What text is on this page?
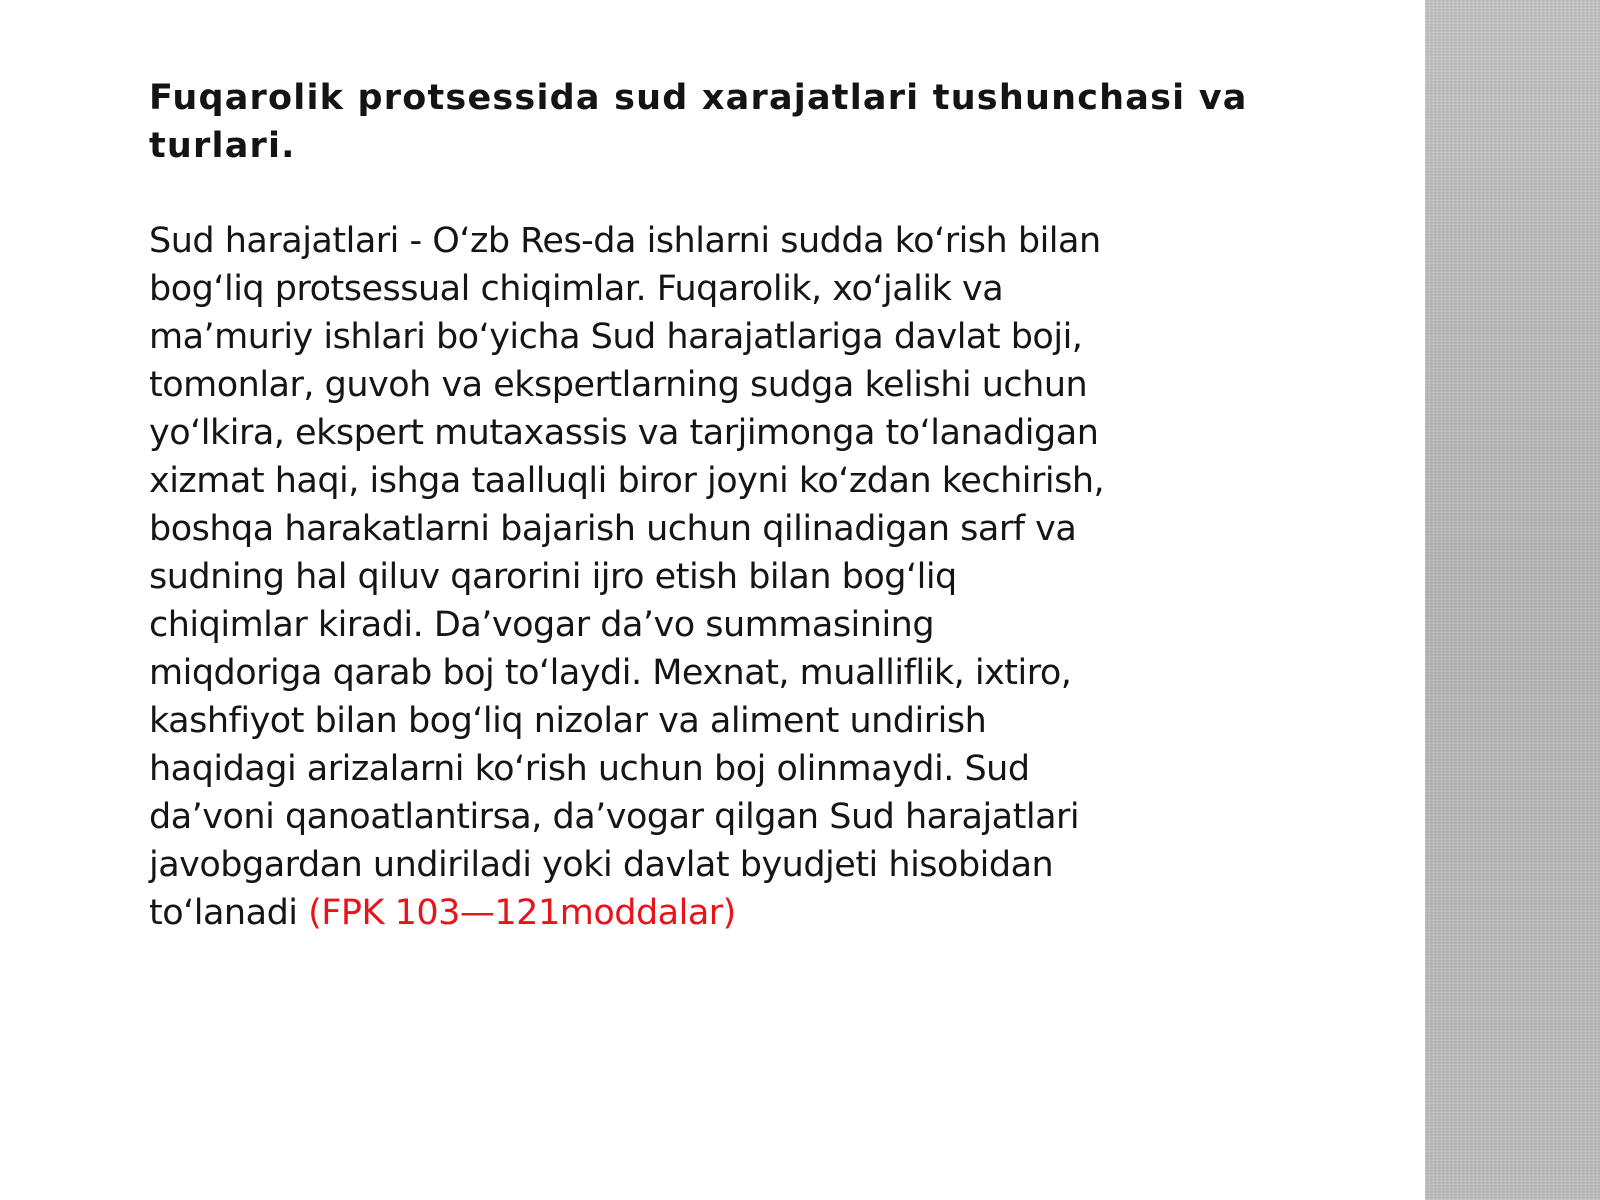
Fuqarolik protsessida sud xarajatlari tushunchasi va turlari.
Sud harajatlari - O‘zb Res-da ishlarni sudda ko‘rish bilan
bog‘liq protsessual chiqimlar. Fuqarolik, xo‘jalik va
ma’muriy ishlari bo‘yicha Sud harajatlariga davlat boji,
tomonlar, guvoh va ekspertlarning sudga kelishi uchun
yo‘lkira, ekspert mutaxassis va tarjimonga to‘lanadigan
xizmat haqi, ishga taalluqli biror joyni ko‘zdan kechirish,
boshqa harakatlarni bajarish uchun qilinadigan sarf va
sudning hal qiluv qarorini ijro etish bilan bog‘liq
chiqimlar kiradi. Da’vogar da’vo summasining
miqdoriga qarab boj to‘laydi. Mexnat, mualliflik, ixtiro,
kashfiyot bilan bog‘liq nizolar va aliment undirish
haqidagi arizalarni ko‘rish uchun boj olinmaydi. Sud
da’voni qanoatlantirsa, da’vogar qilgan Sud harajatlari
javobgardan undiriladi yoki davlat byudjeti hisobidan
to‘lanadi (FPK 103—121moddalar)
